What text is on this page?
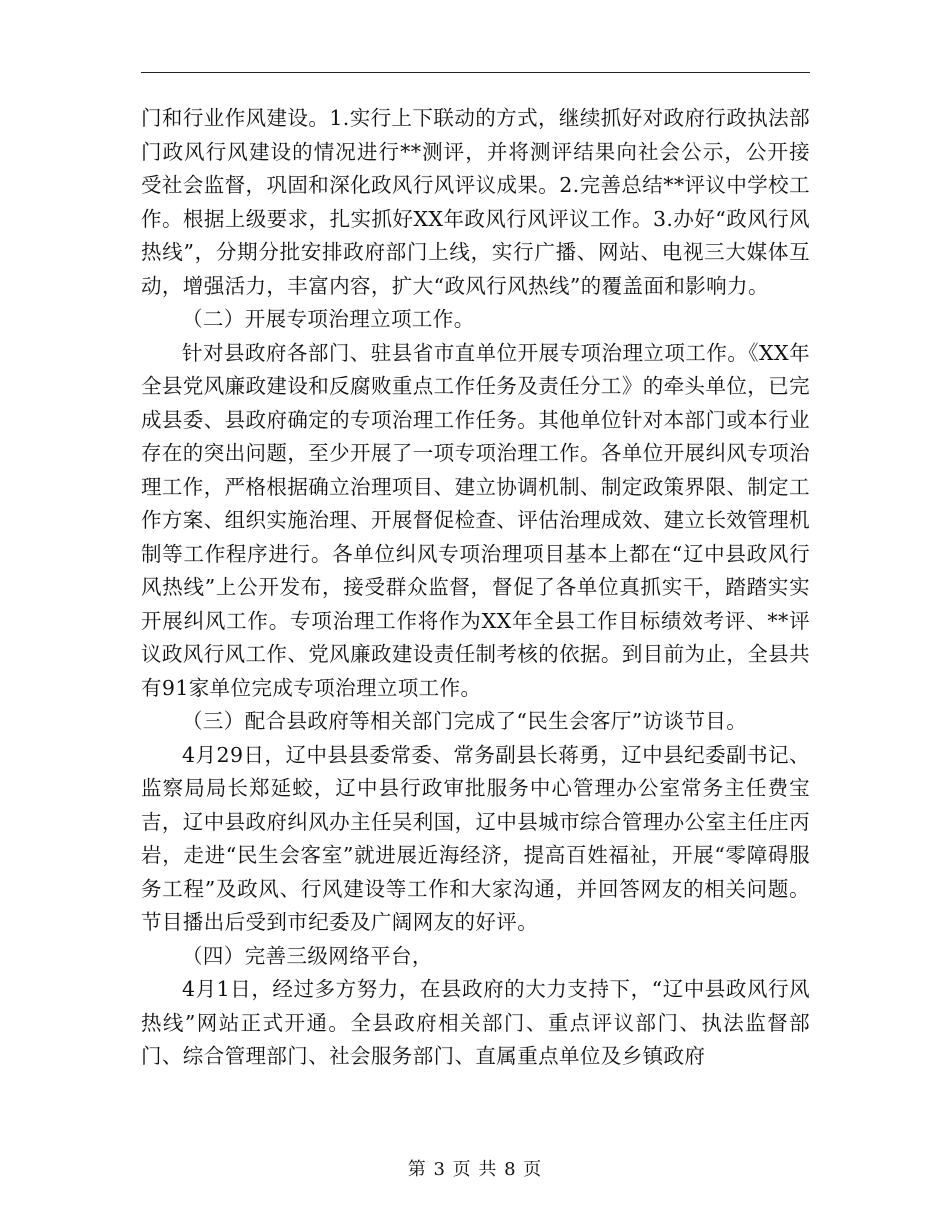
门和行业作风建设。1.实行上下联动的方式，继续抓好对政府行政执法部门政风行风建设的情况进行**测评，并将测评结果向社会公示，公开接受社会监督，巩固和深化政风行风评议成果。2.完善总结**评议中学校工作。根据上级要求，扎实抓好XX年政风行风评议工作。3.办好“政风行风热线”，分期分批安排政府部门上线，实行广播、网站、电视三大媒体互动，增强活力，丰富内容，扩大“政风行风热线”的覆盖面和影响力。

（二）开展专项治理立项工作。

针对县政府各部门、驻县省市直单位开展专项治理立项工作。《XX年全县党风廉政建设和反腐败重点工作任务及责任分工》的牵头单位，已完成县委、县政府确定的专项治理工作任务。其他单位针对本部门或本行业存在的突出问题，至少开展了一项专项治理工作。各单位开展纠风专项治理工作，严格根据确立治理项目、建立协调机制、制定政策界限、制定工作方案、组织实施治理、开展督促检查、评估治理成效、建立长效管理机制等工作程序进行。各单位纠风专项治理项目基本上都在“辽中县政风行风热线”上公开发布，接受群众监督，督促了各单位真抓实干，踏踏实实开展纠风工作。专项治理工作将作为XX年全县工作目标绩效考评、**评议政风行风工作、党风廉政建设责任制考核的依据。到目前为止，全县共有91家单位完成专项治理立项工作。

（三）配合县政府等相关部门完成了“民生会客厅”访谈节目。

4月29日，辽中县县委常委、常务副县长蒋勇，辽中县纪委副书记、监察局局长郑延蛟，辽中县行政审批服务中心管理办公室常务主任费宝吉，辽中县政府纠风办主任吴利国，辽中县城市综合管理办公室主任庄丙岩，走进“民生会客室”就进展近海经济，提高百姓福祉，开展“零障碍服务工程”及政风、行风建设等工作和大家沟通，并回答网友的相关问题。节目播出后受到市纪委及广阔网友的好评。

（四）完善三级网络平台，

4月1日，经过多方努力，在县政府的大力支持下，“辽中县政风行风热线”网站正式开通。全县政府相关部门、重点评议部门、执法监督部门、综合管理部门、社会服务部门、直属重点单位及乡镇政府

第 3 页 共 8 页
